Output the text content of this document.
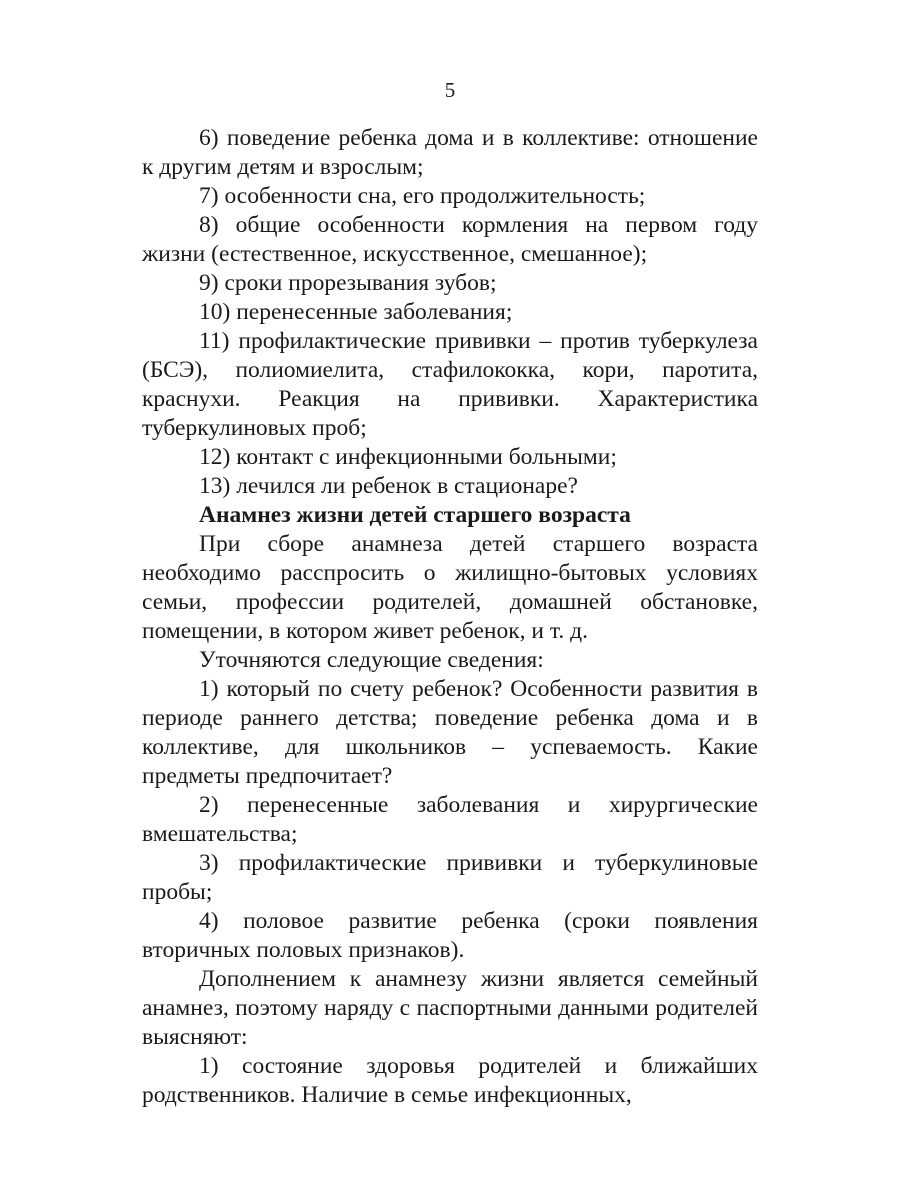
5

6) поведение ребенка дома и в коллективе: отношение к другим детям и взрослым;

7) особенности сна, его продолжительность;

8) общие особенности кормления на первом году жизни (естественное, искусственное, смешанное);

9) сроки прорезывания зубов;

10) перенесенные заболевания;

11) профилактические прививки – против туберкулеза (БСЭ), полиомиелита, стафилококка, кори, паротита, краснухи. Реакция на прививки. Характеристика туберкулиновых проб;

12) контакт с инфекционными больными;

13) лечился ли ребенок в стационаре?

Анамнез жизни детей старшего возраста

При сборе анамнеза детей старшего возраста необходимо расспросить о жилищно-бытовых условиях семьи, профессии родителей, домашней обстановке, помещении, в котором живет ребенок, и т. д.

Уточняются следующие сведения:

1) который по счету ребенок? Особенности развития в периоде раннего детства; поведение ребенка дома и в коллективе, для школьников – успеваемость. Какие предметы предпочитает?

2) перенесенные заболевания и хирургические вмешательства;

3) профилактические прививки и туберкулиновые пробы;

4) половое развитие ребенка (сроки появления вторичных половых признаков).

Дополнением к анамнезу жизни является семейный анамнез, поэтому наряду с паспортными данными родителей выясняют:

1) состояние здоровья родителей и ближайших родственников. Наличие в семье инфекционных,
